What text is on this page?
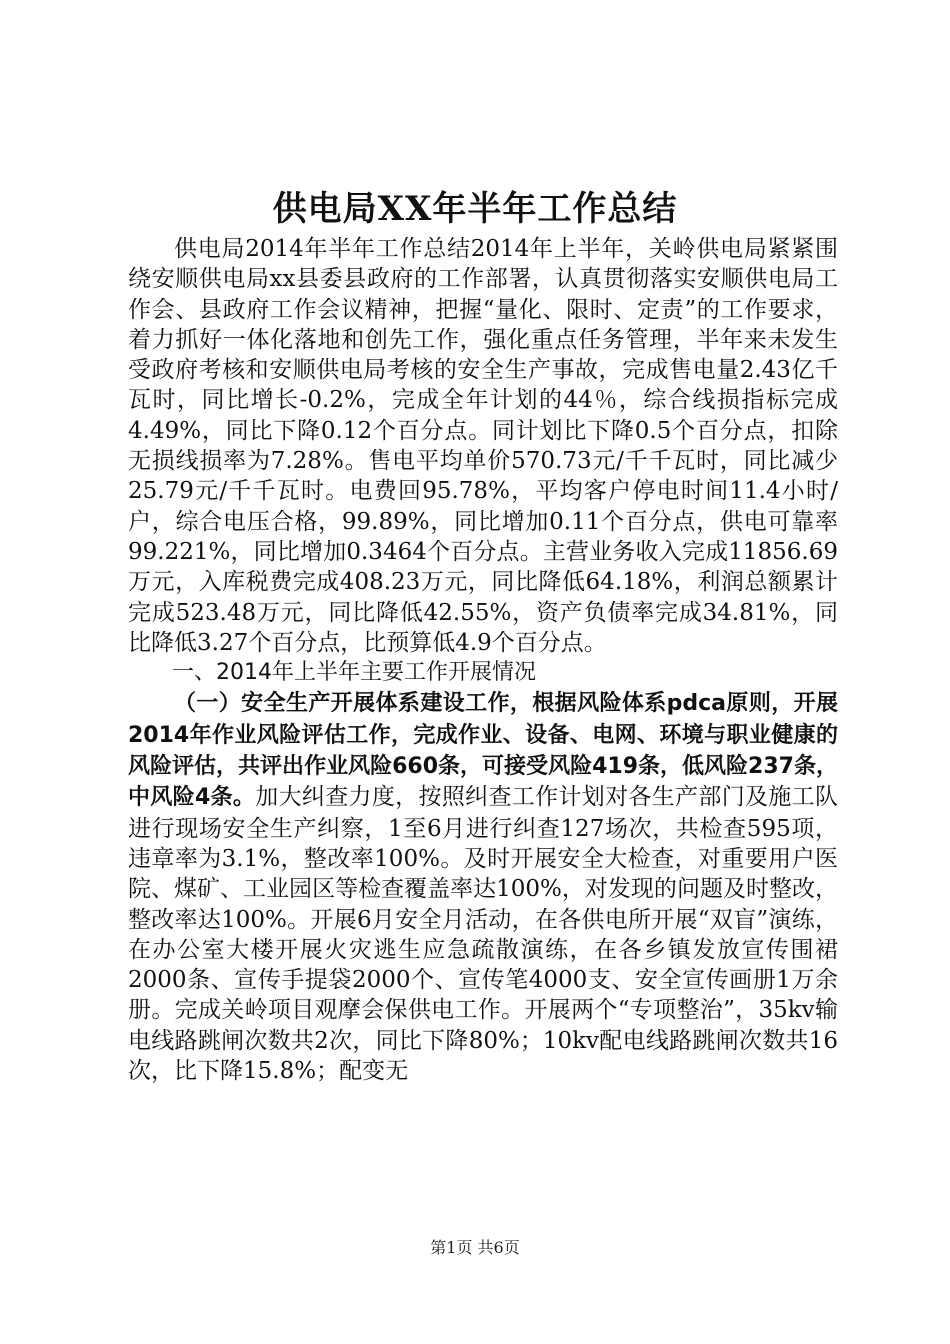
供电局XX年半年工作总结

供电局2014年半年工作总结2014年上半年，关岭供电局紧紧围绕安顺供电局xx县委县政府的工作部署，认真贯彻落实安顺供电局工作会、县政府工作会议精神，把握“量化、限时、定责”的工作要求，着力抓好一体化落地和创先工作，强化重点任务管理，半年来未发生受政府考核和安顺供电局考核的安全生产事故，完成售电量2.43亿千瓦时，同比增长-0.2%，完成全年计划的44％，综合线损指标完成4.49%，同比下降0.12个百分点。同计划比下降0.5个百分点，扣除无损线损率为7.28%。售电平均单价570.73元/千千瓦时，同比减少25.79元/千千瓦时。电费回95.78%，平均客户停电时间11.4小时/户，综合电压合格，99.89%，同比增加0.11个百分点，供电可靠率99.221%，同比增加0.3464个百分点。主营业务收入完成11856.69万元，入库税费完成408.23万元，同比降低64.18%，利润总额累计完成523.48万元，同比降低42.55%，资产负债率完成34.81%，同比降低3.27个百分点，比预算低4.9个百分点。

一、2014年上半年主要工作开展情况

（一）安全生产开展体系建设工作，根据风险体系pdca原则，开展2014年作业风险评估工作，完成作业、设备、电网、环境与职业健康的风险评估，共评出作业风险660条，可接受风险419条，低风险237条，中风险4条。加大纠查力度，按照纠查工作计划对各生产部门及施工队进行现场安全生产纠察，1至6月进行纠查127场次，共检查595项，违章率为3.1%，整改率100%。及时开展安全大检查，对重要用户医院、煤矿、工业园区等检查覆盖率达100%，对发现的问题及时整改，整改率达100%。开展6月安全月活动，在各供电所开展“双盲”演练，在办公室大楼开展火灾逃生应急疏散演练，在各乡镇发放宣传围裙2000条、宣传手提袋2000个、宣传笔4000支、安全宣传画册1万余册。完成关岭项目观摩会保供电工作。开展两个“专项整治”，35kv输电线路跳闸次数共2次，同比下降80%；10kv配电线路跳闸次数共16次，比下降15.8%；配变无

第1页 共6页
